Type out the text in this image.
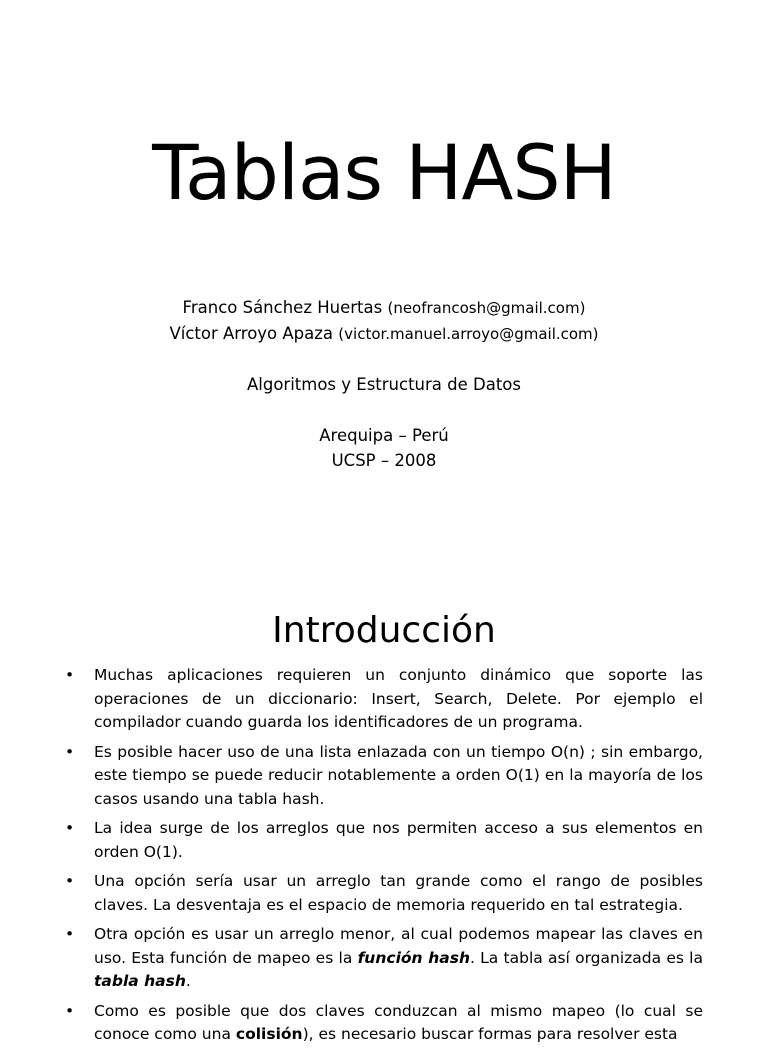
Tablas HASH
Franco Sánchez Huertas (neofrancosh@gmail.com)
Víctor Arroyo Apaza (victor.manuel.arroyo@gmail.com)
Algoritmos y Estructura de Datos
Arequipa – Perú
UCSP – 2008
Introducción
• Muchas aplicaciones requieren un conjunto dinámico que soporte las operaciones de un diccionario: Insert, Search, Delete. Por ejemplo el compilador cuando guarda los identificadores de un programa.
• Es posible hacer uso de una lista enlazada con un tiempo O(n) ; sin embargo, este tiempo se puede reducir notablemente a orden O(1) en la mayoría de los casos usando una tabla hash.
• La idea surge de los arreglos que nos permiten acceso a sus elementos en orden O(1).
• Una opción sería usar un arreglo tan grande como el rango de posibles claves. La desventaja es el espacio de memoria requerido en tal estrategia.
• Otra opción es usar un arreglo menor, al cual podemos mapear las claves en uso. Esta función de mapeo es la función hash. La tabla así organizada es la tabla hash.
• Como es posible que dos claves conduzcan al mismo mapeo (lo cual se conoce como una colisión), es necesario buscar formas para resolver esta
